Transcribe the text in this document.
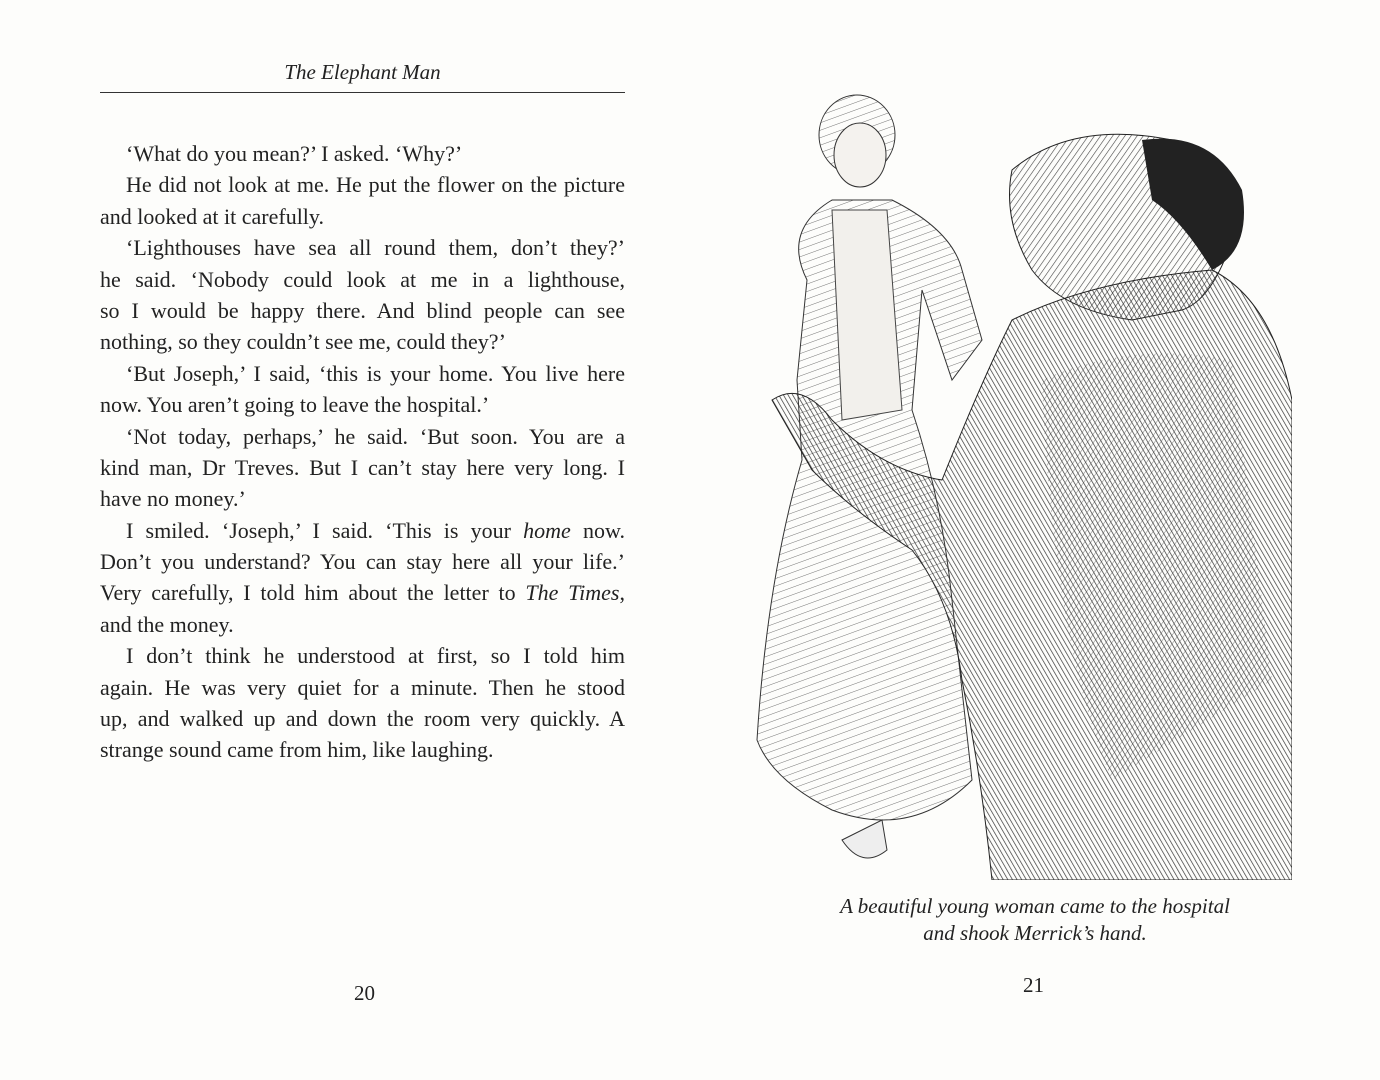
The Elephant Man
‘What do you mean?’ I asked. ‘Why?’
He did not look at me. He put the flower on the picture
and looked at it carefully.
‘Lighthouses have sea all round them, don’t they?’
he said. ‘Nobody could look at me in a lighthouse,
so I would be happy there. And blind people can see
nothing, so they couldn’t see me, could they?’
‘But Joseph,’ I said, ‘this is your home. You live here
now. You aren’t going to leave the hospital.’
‘Not today, perhaps,’ he said. ‘But soon. You are a
kind man, Dr Treves. But I can’t stay here very long. I
have no money.’
I smiled. ‘Joseph,’ I said. ‘This is your home now.
Don’t you understand? You can stay here all your life.’
Very carefully, I told him about the letter to The Times,
and the money.
I don’t think he understood at first, so I told him
again. He was very quiet for a minute. Then he stood
up, and walked up and down the room very quickly. A
strange sound came from him, like laughing.
20
A beautiful young woman came to the hospital
and shook Merrick’s hand.
21
